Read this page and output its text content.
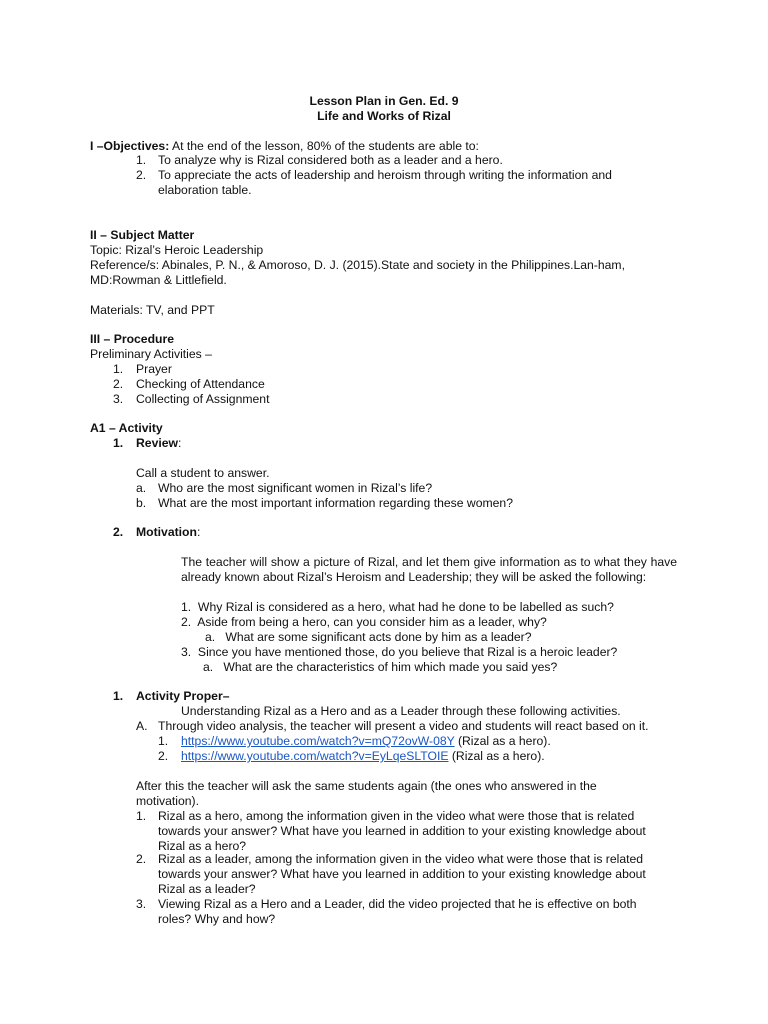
Lesson Plan in Gen. Ed. 9
Life and Works of Rizal
I –Objectives: At the end of the lesson, 80% of the students are able to:
1. To analyze why is Rizal considered both as a leader and a hero.
2. To appreciate the acts of leadership and heroism through writing the information and
elaboration table.
II – Subject Matter
Topic: Rizal’s Heroic Leadership
Reference/s: Abinales, P. N., & Amoroso, D. J. (2015).State and society in the Philippines.Lan-ham,
MD:Rowman & Littlefield.
Materials: TV, and PPT
III – Procedure
Preliminary Activities –
1. Prayer
2. Checking of Attendance
3. Collecting of Assignment
A1 – Activity
1. Review:
Call a student to answer.
a. Who are the most significant women in Rizal’s life?
b. What are the most important information regarding these women?
2. Motivation:
The teacher will show a picture of Rizal, and let them give information as to what they have already known about Rizal’s Heroism and Leadership; they will be asked the following:
1.  Why Rizal is considered as a hero, what had he done to be labelled as such?
2.  Aside from being a hero, can you consider him as a leader, why?
a.   What are some significant acts done by him as a leader?
3.  Since you have mentioned those, do you believe that Rizal is a heroic leader?
a.   What are the characteristics of him which made you said yes?
1. Activity Proper–
Understanding Rizal as a Hero and as a Leader through these following activities.
A. Through video analysis, the teacher will present a video and students will react based on it.
1. https://www.youtube.com/watch?v=mQ72ovW-08Y (Rizal as a hero).
2. https://www.youtube.com/watch?v=EyLqeSLTOIE (Rizal as a hero).
After this the teacher will ask the same students again (the ones who answered in the
motivation).
1. Rizal as a hero, among the information given in the video what were those that is related
towards your answer? What have you learned in addition to your existing knowledge about
Rizal as a hero?
2. Rizal as a leader, among the information given in the video what were those that is related
towards your answer? What have you learned in addition to your existing knowledge about
Rizal as a leader?
3. Viewing Rizal as a Hero and a Leader, did the video projected that he is effective on both
roles? Why and how?
